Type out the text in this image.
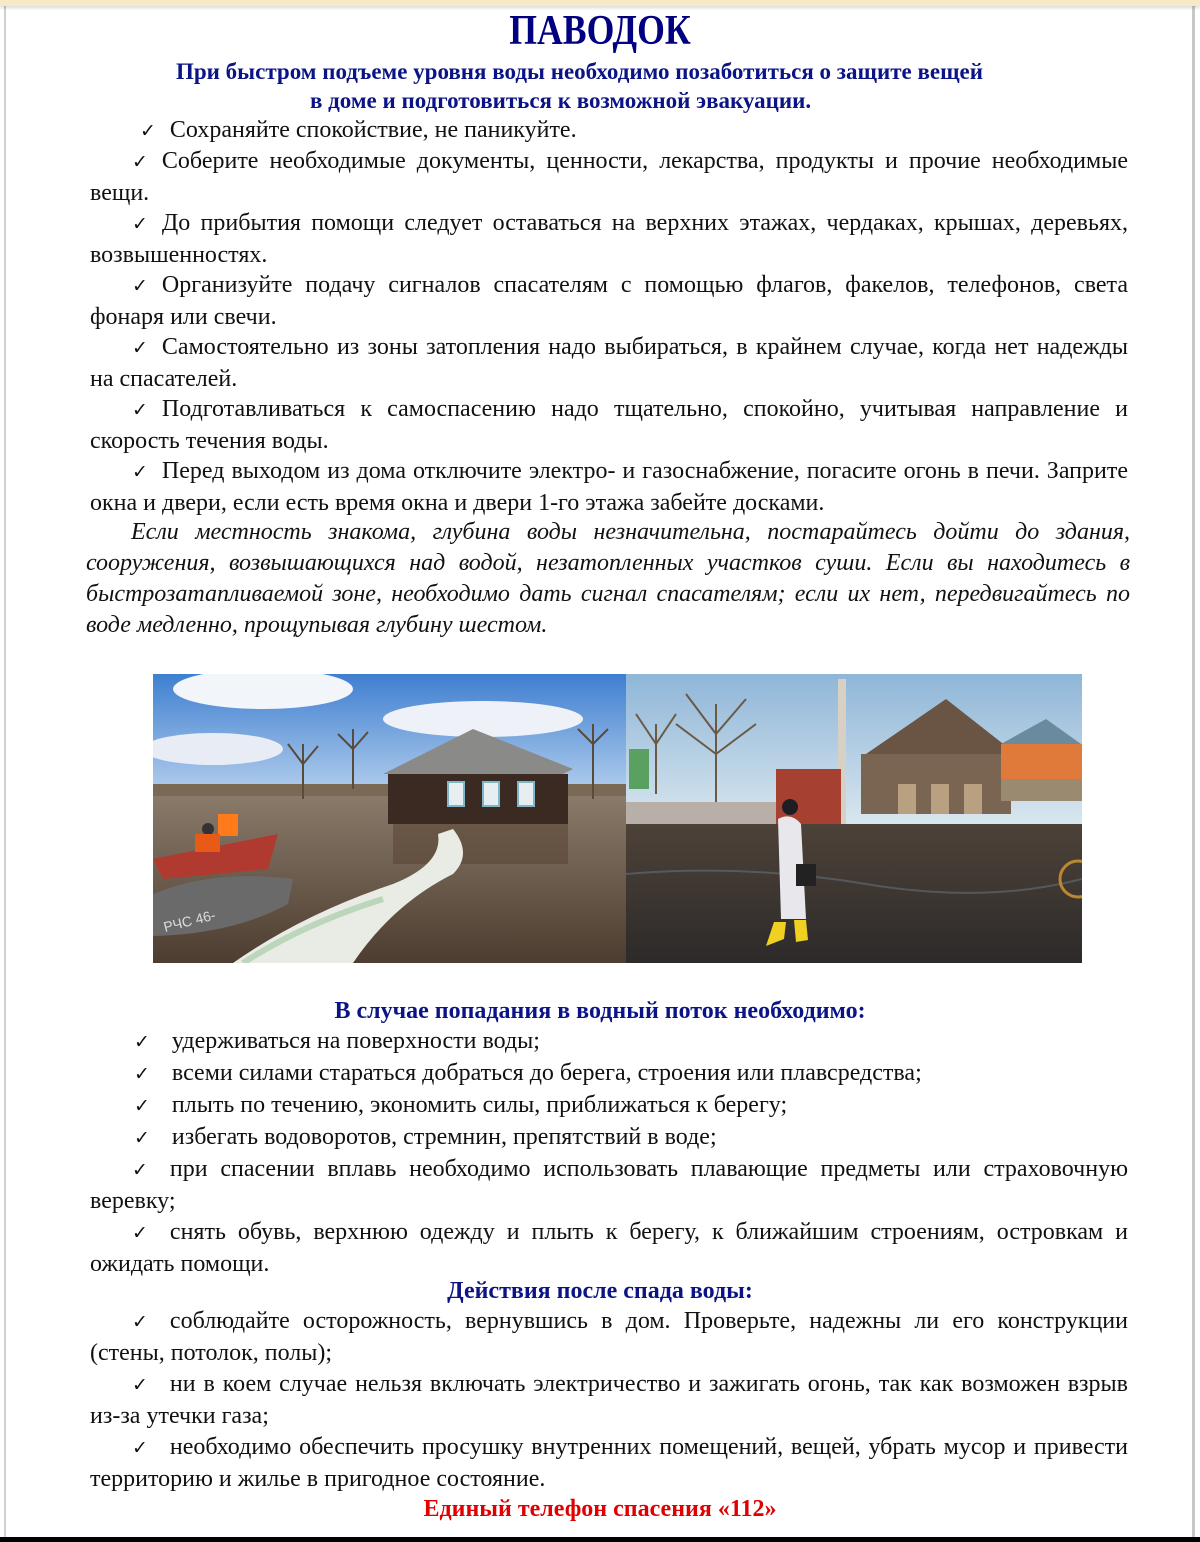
ПАВОДОК
При быстром подъеме уровня воды необходимо позаботиться о защите вещей
в доме и подготовиться к возможной эвакуации.
✓ Сохраняйте спокойствие, не паникуйте.
✓ Соберите необходимые документы, ценности, лекарства, продукты и прочие необходимые вещи.
✓ До прибытия помощи следует оставаться на верхних этажах, чердаках, крышах, деревьях, возвышенностях.
✓ Организуйте подачу сигналов спасателям с помощью флагов, факелов, телефонов, света фонаря или свечи.
✓ Самостоятельно из зоны затопления надо выбираться, в крайнем случае, когда нет надежды на спасателей.
✓ Подготавливаться к самоспасению надо тщательно, спокойно, учитывая направление и скорость течения воды.
✓ Перед выходом из дома отключите электро- и газоснабжение, погасите огонь в печи. Заприте окна и двери, если есть время окна и двери 1-го этажа забейте досками.
Если местность знакома, глубина воды незначительна, постарайтесь дойти до здания, сооружения, возвышающихся над водой, незатопленных участков суши. Если вы находитесь в быстрозатапливаемой зоне, необходимо дать сигнал спасателям; если их нет, передвигайтесь по воде медленно, прощупывая глубину шестом.
РЧС 46-
В случае попадания в водный поток необходимо:
✓ удерживаться на поверхности воды;
✓ всеми силами стараться добраться до берега, строения или плавсредства;
✓ плыть по течению, экономить силы, приближаться к берегу;
✓ избегать водоворотов, стремнин, препятствий в воде;
✓ при спасении вплавь необходимо использовать плавающие предметы или страховочную веревку;
✓ снять обувь, верхнюю одежду и плыть к берегу, к ближайшим строениям, островкам и ожидать помощи.
Действия после спада воды:
✓ соблюдайте осторожность, вернувшись в дом. Проверьте, надежны ли его конструкции (стены, потолок, полы);
✓ ни в коем случае нельзя включать электричество и зажигать огонь, так как возможен взрыв из-за утечки газа;
✓ необходимо обеспечить просушку внутренних помещений, вещей, убрать мусор и привести территорию и жилье в пригодное состояние.
Единый телефон спасения «112»
